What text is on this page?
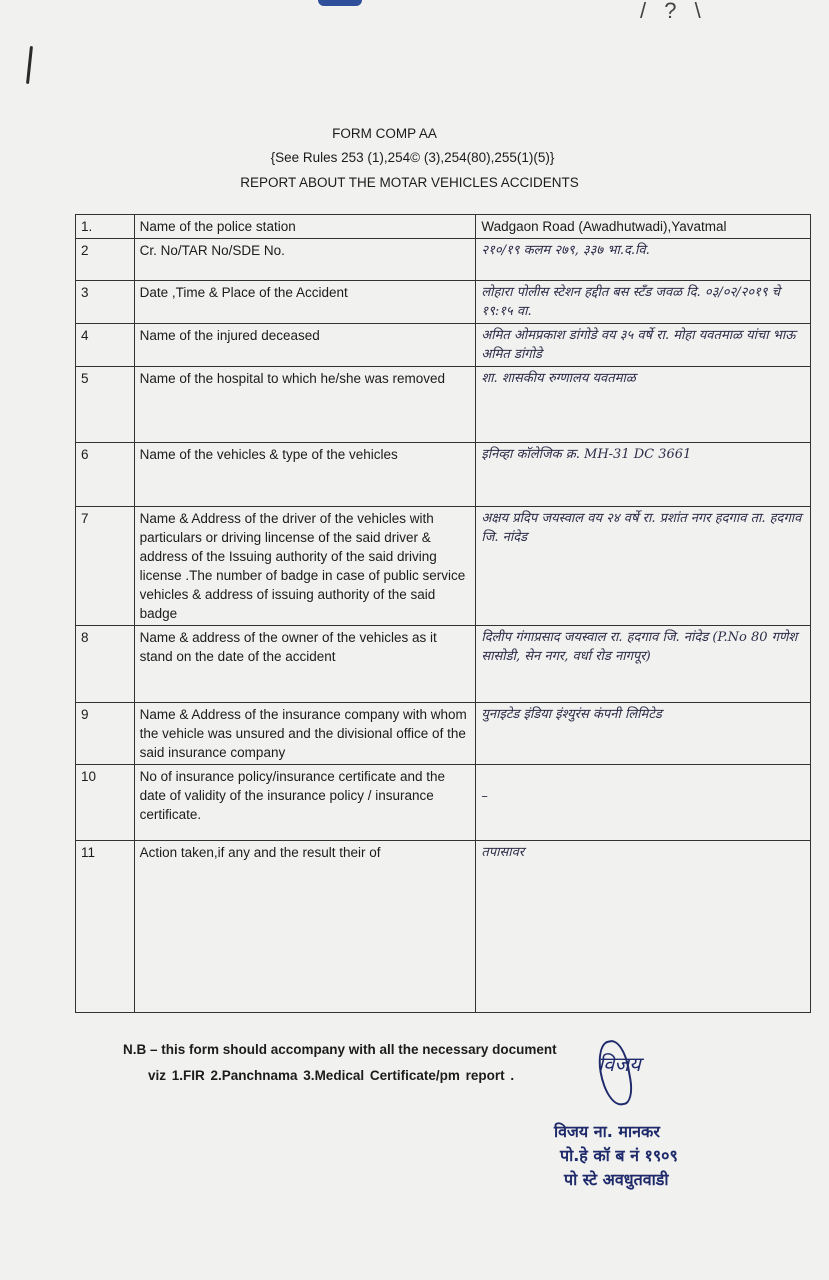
/ ? \
FORM COMP AA
{See Rules 253 (1),254© (3),254(80),255(1)(5)}
REPORT ABOUT THE MOTAR VEHICLES ACCIDENTS
1.	Name of the police station	Wadgaon Road (Awadhutwadi),Yavatmal
2	Cr. No/TAR No/SDE No.	२१०/१९ कलम २७९, ३३७ भा.द.वि.
3	Date ,Time & Place of the Accident	लोहारा पोलीस स्टेशन हद्दीत बस स्टँड जवळ दि. ०३/०२/२०१९ चे १९:१५ वा.
4	Name of the injured deceased	अमित ओमप्रकाश डांगोडे वय ३५ वर्षे रा. मोहा यवतमाळ यांचा भाऊ अमित डांगोडे
5	Name of the hospital to which he/she was removed	शा. शासकीय रुग्णालय यवतमाळ
6	Name of the vehicles & type of the vehicles	इनिव्हा कॉलेजिक क्र. MH-31 DC 3661
7	Name & Address of the driver of the vehicles with particulars or driving lincense of the said driver & address of the Issuing authority of the said driving license .The number of badge in case of public service vehicles & address of issuing authority of the said badge	अक्षय प्रदिप जयस्वाल वय २४ वर्षे रा. प्रशांत नगर हदगाव ता. हदगाव जि. नांदेड
8	Name & address of the owner of the vehicles as it stand on the date of the accident	दिलीप गंगाप्रसाद जयस्वाल रा. हदगाव जि. नांदेड (P.No 80 गणेश सासोडी, सेन नगर, वर्धा रोड नागपूर)
9	Name & Address of the insurance company with whom the vehicle was unsured and the divisional office of the said insurance company	युनाइटेड इंडिया इंश्युरंस कंपनी लिमिटेड
10	No of insurance policy/insurance certificate and the date of validity of the insurance policy / insurance certificate.	–
11	Action taken,if any and the result their of	तपासावर
N.B – this form should accompany with all the necessary document
viz 1.FIR 2.Panchnama 3.Medical Certificate/pm report .	विजय
विजय ना. मानकर
पो.हे कॉ ब नं १९०९
पो स्टे अवधुतवाडी
